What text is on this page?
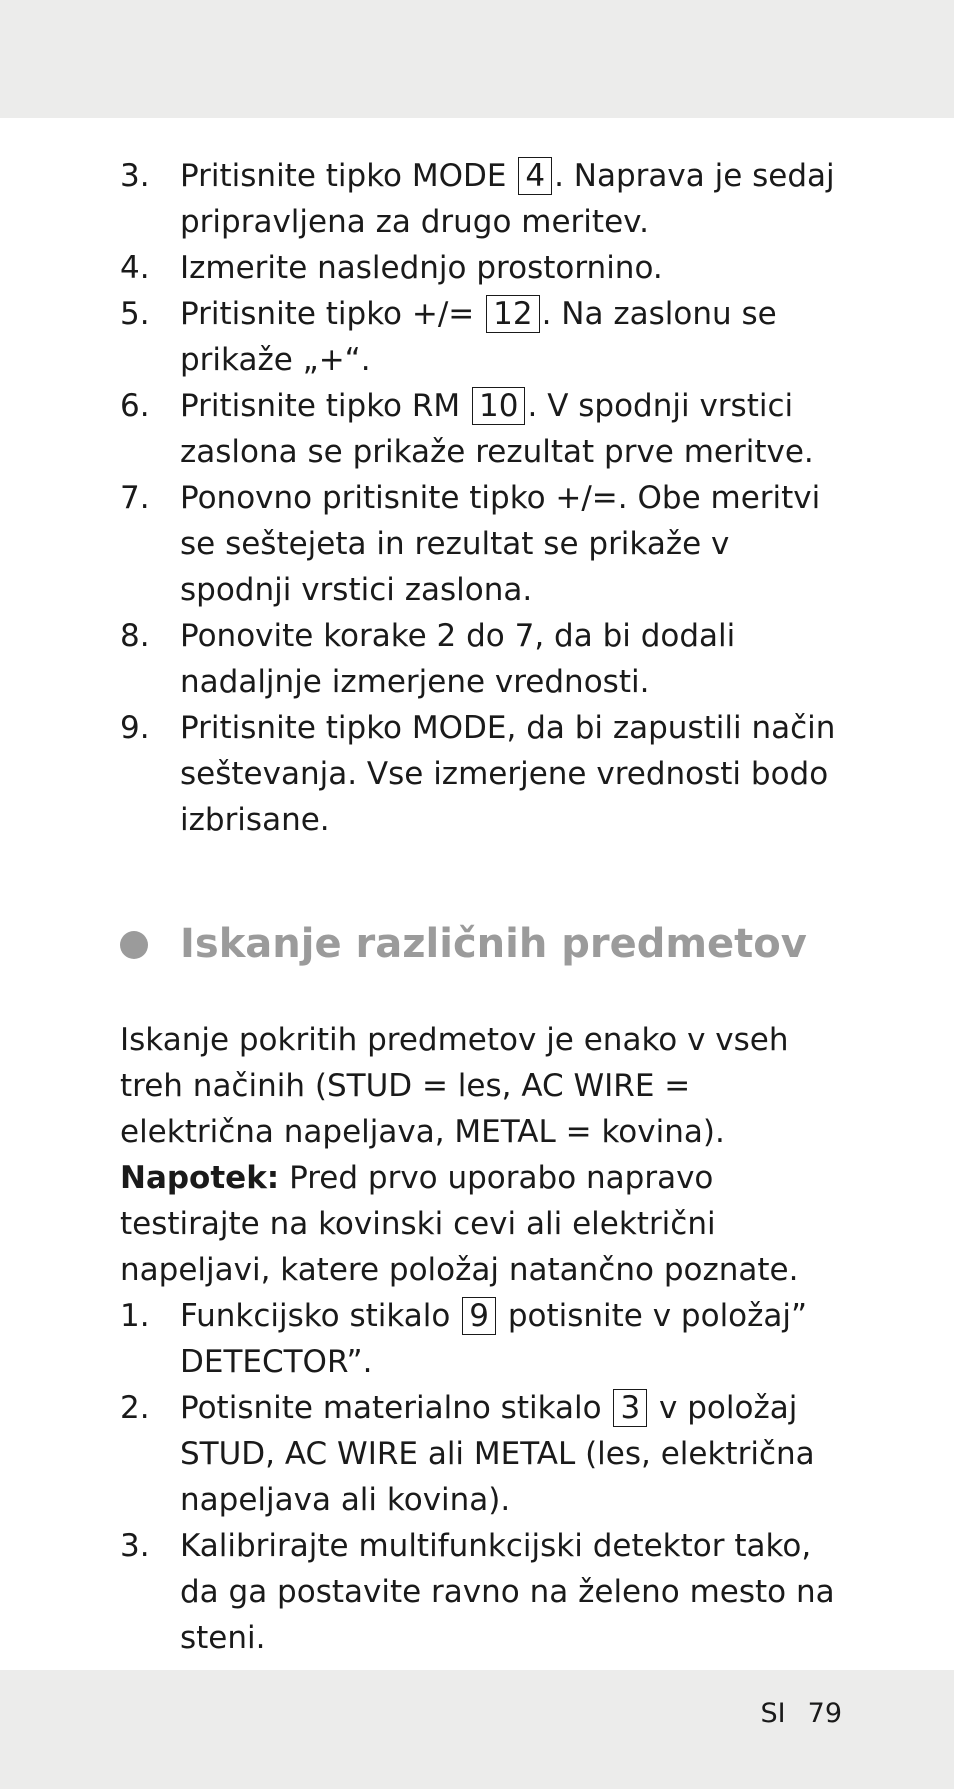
3. Pritisnite tipko MODE 4 . Naprava je sedaj pripravljena za drugo meritev.
4. Izmerite naslednjo prostornino.
5. Pritisnite tipko +/= 12 . Na zaslonu se prikaže „+“.
6. Pritisnite tipko RM 10 . V spodnji vrstici zaslona se prikaže rezultat prve meritve.
7. Ponovno pritisnite tipko +/=. Obe meritvi se seštejeta in rezultat se prikaže v spodnji vrstici zaslona.
8. Ponovite korake 2 do 7, da bi dodali nadaljnje izmerjene vrednosti.
9. Pritisnite tipko MODE, da bi zapustili način seštevanja. Vse izmerjene vrednosti bodo izbrisane.
Iskanje različnih predmetov

Iskanje pokritih predmetov je enako v vseh treh načinih (STUD = les, AC WIRE = električna napeljava, METAL = kovina).
Napotek: Pred prvo uporabo napravo testirajte na kovinski cevi ali električni napeljavi, katere položaj natančno poznate.

1. Funkcijsko stikalo 9 potisnite v položaj” DETECTOR”.
2. Potisnite materialno stikalo 3 v položaj STUD, AC WIRE ali METAL (les, električna napeljava ali kovina).
3. Kalibrirajte multifunkcijski detektor tako, da ga postavite ravno na želeno mesto na steni.
SI 79
